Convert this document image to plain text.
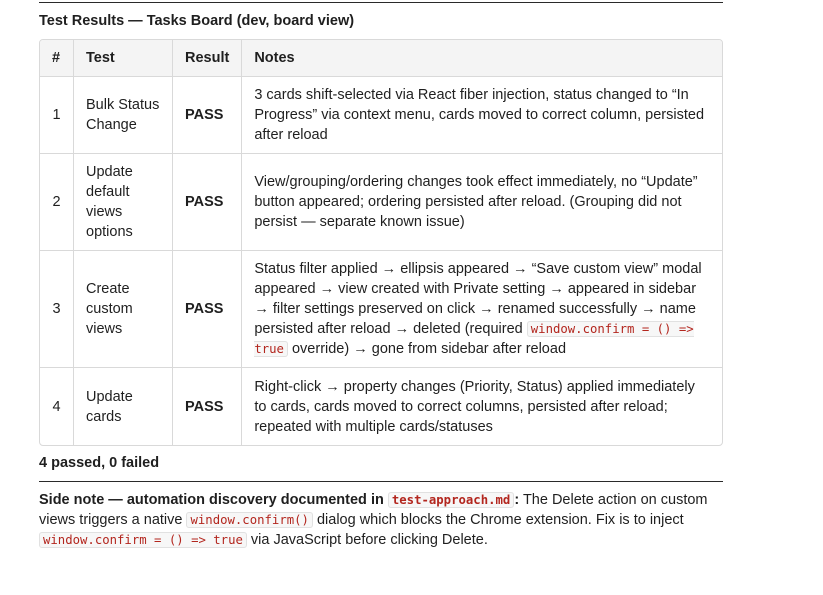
Test Results — Tasks Board (dev, board view)
#	Test	Result	Notes
1	Bulk Status Change	PASS	3 cards shift-selected via React fiber injection, status changed to “In Progress” via context menu, cards moved to correct column, persisted after reload
2	Update default views options	PASS	View/grouping/ordering changes took effect immediately, no “Update” button appeared; ordering persisted after reload. (Grouping did not persist — separate known issue)
3	Create custom views	PASS	Status filter applied → ellipsis appeared → “Save custom view” modal appeared → view created with Private setting → appeared in sidebar → filter settings preserved on click → renamed successfully → name persisted after reload → deleted (required window.confirm = () => true override) → gone from sidebar after reload
4	Update cards	PASS	Right-click → property changes (Priority, Status) applied immediately to cards, cards moved to correct columns, persisted after reload; repeated with multiple cards/statuses
4 passed, 0 failed
Side note — automation discovery documented in test-approach.md : The Delete action on custom views triggers a native window.confirm() dialog which blocks the Chrome extension. Fix is to inject window.confirm = () => true via JavaScript before clicking Delete.
